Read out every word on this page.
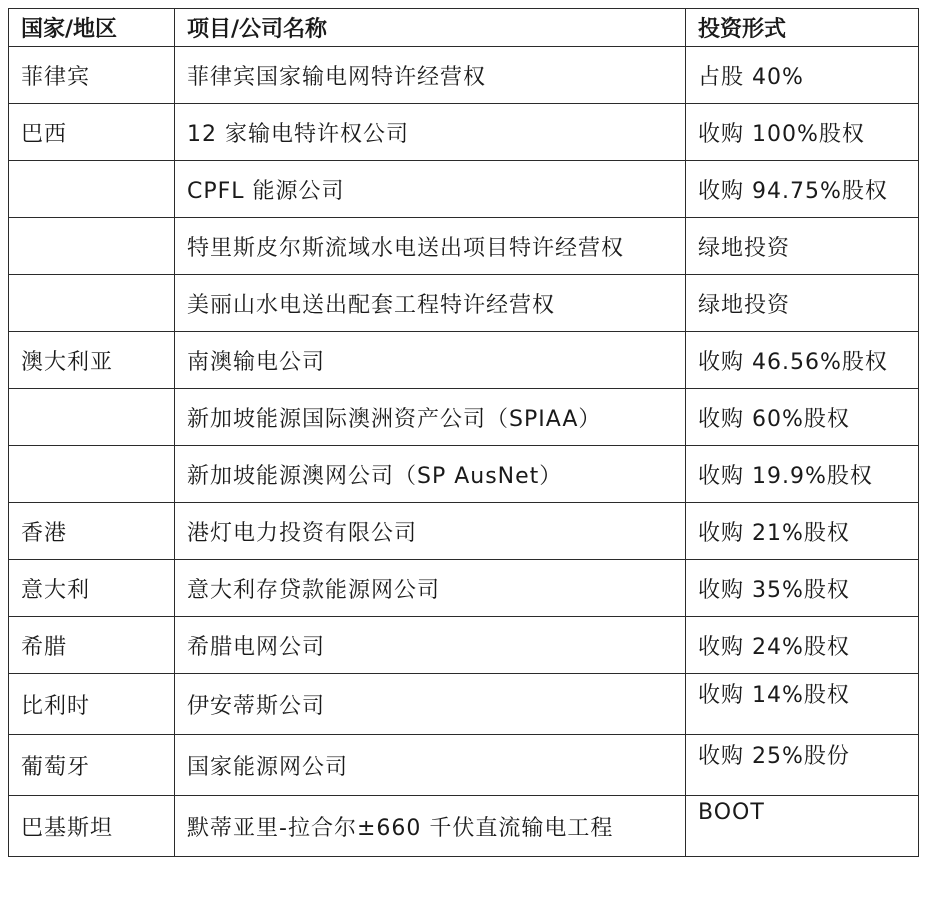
国家/地区	项目/公司名称	投资形式
菲律宾	菲律宾国家输电网特许经营权	占股 40%
巴西	12 家输电特许权公司	收购 100%股权
	CPFL 能源公司	收购 94.75%股权
	特里斯皮尔斯流域水电送出项目特许经营权	绿地投资
	美丽山水电送出配套工程特许经营权	绿地投资
澳大利亚	南澳输电公司	收购 46.56%股权
	新加坡能源国际澳洲资产公司（SPIAA）	收购 60%股权
	新加坡能源澳网公司（SP AusNet）	收购 19.9%股权
香港	港灯电力投资有限公司	收购 21%股权
意大利	意大利存贷款能源网公司	收购 35%股权
希腊	希腊电网公司	收购 24%股权
比利时	伊安蒂斯公司	收购 14%股权
葡萄牙	国家能源网公司	收购 25%股份
巴基斯坦	默蒂亚里-拉合尔±660 千伏直流输电工程	BOOT
